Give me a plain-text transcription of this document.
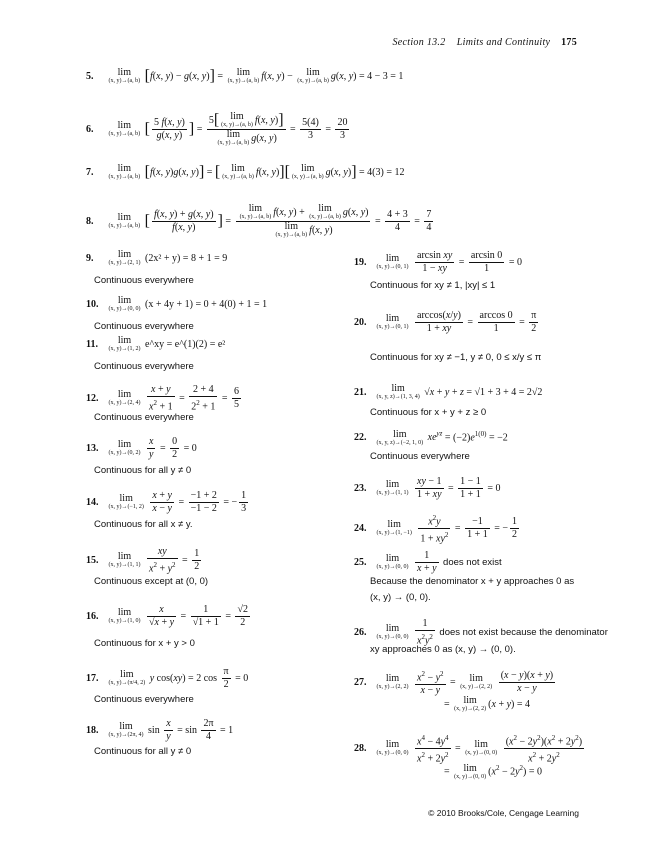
Section 13.2 Limits and Continuity 175
5.	lim
(x, y)→(a, b) [f(x, y) − g(x, y)] =	lim
(x, y)→(a, b) f(x, y) −	lim
(x, y)→(a, b) g(x, y) = 4 − 3 = 1
6.	lim
(x, y)→(a, b) [ $\frac{5 f(x, y)}{g(x, y)}$ ] = 5[	lim
(x, y)→(a, b) f(x, y)]
lim
(x, y)→(a, b) g(x, $y) = \frac{5(4)}{3} = \frac{20}{3}$
7.	lim
(x, y)→(a, b) [f(x, y)g(x, y)] = [	lim
(x, y)→(a, b) f(x, y)][	lim
(x, y)→(a, b) g(x, y)] = 4(3) = 12
8.	lim
(x, y)→(a, b) [ $\frac{f(x, y) + g(x, y)}{f(x, y)}$ ] = lim
(x, y)→(a, b) f(x, y) +	lim
(x, y)→(a, b) g(x, y)
lim
(x, y)→(a, b) f(x, $y) = \frac{4 + 3}{4} = \frac{7}{4}$
9.	lim
(x, y)→(2, 1) (2x² + y) = 8 + 1 = 9
Continuous everywhere
10.	lim
(x, y)→(0, 0) (x + 4y + 1) = 0 + 4(0) + 1 = 1
Continuous everywhere
11.	lim
(x, y)→(1, 2) e^xy = e^(1)(2) = e²
Continuous everywhere
12.	lim
(x, y)→(2, 4)
$\frac{x + y}{x^2 + 1} = \frac{2 + 4}{2^2 + 1} = \frac{6}{5}$
Continuous everywhere
13.	lim
(x, y)→(0, 2)
$\frac{x}{y} = \frac{0}{2} = 0$
Continuous for all y ≠ 0
14.	lim
(x, y)→(−1, 2)
$\frac{x + y}{x - y} = \frac{-1 + 2}{-1 - 2}$ = − $\frac{1}{3}$
Continuous for all x ≠ y.
15.	lim
(x, y)→(1, 1)
$\frac{xy}{x^2 + y^2} = \frac{1}{2}$
Continuous except at (0, 0)
16.	lim
(x, y)→(1, 0)
$\frac{x}{√x + y} = \frac{1}{√1 + 1} = \frac{√2}{2}$
Continuous for x + y > 0
17.	lim
(x, y)→(π/4, 2) y cos(xy) = 2 $\cos \frac{\pi}{2} = 0$
Continuous everywhere
18.	lim
(x, y)→(2π, 4) $\sin \frac{x}{y} = \sin \frac{2\pi}{4} = 1$
Continuous for all y ≠ 0
19.	lim
(x, y)→(0, 1)
$\frac{\text{arcsin xy}}{1 - xy} = \frac{\arcsin 0}{1} = 0$
Continuous for xy ≠ 1, |xy| ≤ 1
20.	lim
(x, y)→(0, 1)
$\frac{\arccos(x/y)}{1 + xy} = \frac{\arccos 0}{1} = \frac{\pi}{2}$
Continuous for xy ≠ −1, y ≠ 0, 0 ≤ x/y ≤ π
21.	lim
(x, y, z)→(1, 3, 4) √x + y + z = √1 + 3 + 4 = 2√2
Continuous for x + y + z ≥ 0
22.	lim
(x, y, z)→(−2, 1, 0) $xe^{yz} = (-2)e^{1(0)} = -2$
Continuous everywhere
23.	lim
(x, y)→(1, 1)
$\frac{xy - 1}{1 + xy} = \frac{1 - 1}{1 + 1} = 0$
24.	lim
(x, y)→(1, −1)
$\frac{x^2y}{1 + xy^2} = \frac{-1}{1 + 1}$ = − $\frac{1}{2}$
25.	lim
(x, y)→(0, 0)
$\frac{1}{x + y}$ does not exist
Because the denominator x + y approaches 0 as
(x, y) → (0, 0).
26.	lim
(x, y)→(0, 0)
$\frac{1}{x^2y^2}$ does not exist because the denominator
xy approaches 0 as (x, y) → (0, 0).
27.	lim
(x, y)→(2, 2)
$\frac{x^2 - y^2}{x - y}$ =	lim
(x, y)→(2, 2)
$\frac{(x - y)(x + y)}{x - y}$
=	lim
(x, y)→(2, 2) (x + y) = 4
28.	lim
(x, y)→(0, 0)
$\frac{x^4 - 4y^4}{x^2 + 2y^2}$ =	lim
(x, y)→(0, 0)
$\frac{(x^2 - 2y^2)(x^2 + 2y^2)}{x^2 + 2y^2}$
=	lim
(x, y)→(0, 0) $(x^2 - 2y^2) = 0$
© 2010 Brooks/Cole, Cengage Learning
